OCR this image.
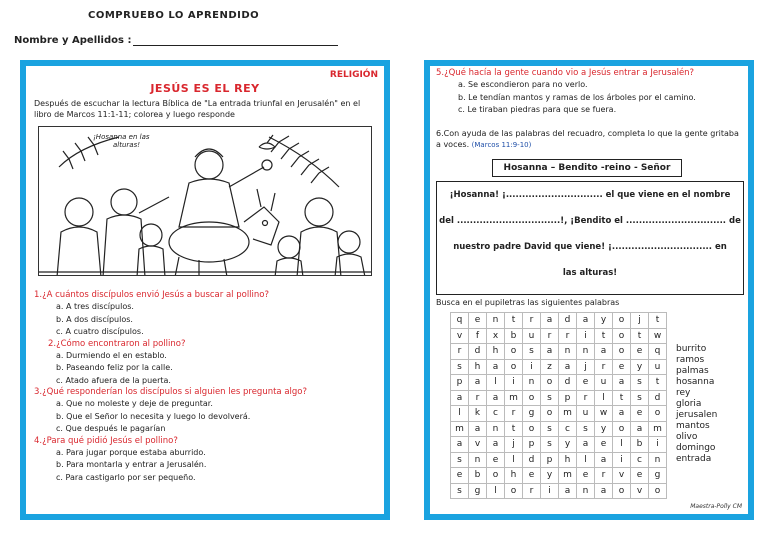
COMPRUEBO LO APRENDIDO
Nombre y Apellidos :
RELIGIÓN
JESÚS ES EL REY
Después de escuchar la lectura Bíblica de "La entrada triunfal en Jerusalén" en el libro de Marcos 11:1-11; colorea y luego responde
¡Hosanna en las
alturas!
1.¿A cuántos discípulos envió Jesús a buscar al pollino?
a. A tres discípulos.
b. A dos discípulos.
c. A cuatro discípulos.
2.¿Cómo encontraron al pollino?
a. Durmiendo el en establo.
b. Paseando feliz por la calle.
c. Atado afuera de la puerta.
3.¿Qué responderían los discípulos si alguien les pregunta algo?
a. Que no moleste y deje de preguntar.
b. Que el Señor lo necesita y luego lo devolverá.
c. Que después le pagarían
4.¿Para qué pidió Jesús el pollino?
a. Para jugar porque estaba aburrido.
b. Para montarla y entrar a Jerusalén.
c. Para castigarlo por ser pequeño.
5.¿Qué hacía la gente cuando vio a Jesús entrar a Jerusalén?
a. Se escondieron para no verlo.
b. Le tendían mantos y ramas de los árboles por el camino.
c. Le tiraban piedras para que se fuera.
6.Con ayuda de las palabras del recuadro, completa lo que la gente gritaba a voces. (Marcos 11:9-10)
Hosanna – Bendito -reino - Señor
¡Hosanna! ¡.............................. el que viene en el nombre
del ................................!, ¡Bendito el ............................... de
nuestro padre David que viene! ¡............................... en
las alturas!
Busca en el pupiletras las siguientes palabras
q	e	n	t	r	a	d	a	y	o	j	t
v	f	x	b	u	r	r	i	t	o	t	w
r	d	h	o	s	a	n	n	a	o	e	q
s	h	a	o	i	z	a	j	r	e	y	u
p	a	l	i	n	o	d	e	u	a	s	t
a	r	a	m	o	s	p	r	l	t	s	d
l	k	c	r	g	o	m	u	w	a	e	o
m	a	n	t	o	s	c	s	y	o	a	m
a	v	a	j	p	s	y	a	e	l	b	i
s	n	e	l	d	p	h	l	a	i	c	n
e	b	o	h	e	y	m	e	r	v	e	g
s	g	l	o	r	i	a	n	a	o	v	o
burrito
ramos
palmas
hosanna
rey
gloria
jerusalen
mantos
olivo
domingo
entrada
Maestra-Polly CM
